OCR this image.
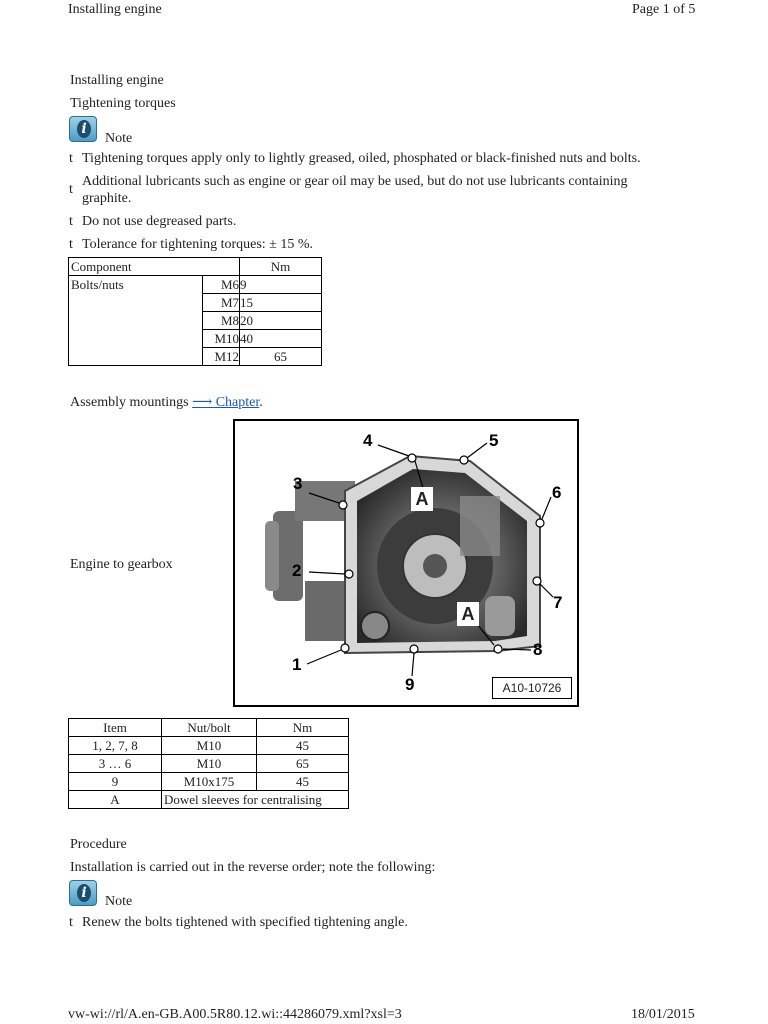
Installing engine	Page 1 of 5
Installing engine
Tightening torques
i
Note
t Tightening torques apply only to lightly greased, oiled, phosphated or black-finished nuts and bolts.
t
Additional lubricants such as engine or gear oil may be used, but do not use lubricants containing
graphite.
t Do not use degreased parts.
t Tolerance for tightening torques: ± 15 %.
Component		Nm
Bolts/nuts	M6	9
	M7	15
	M8	20
	M10	40
	M12	65
Assembly mountings ⟶ Chapter.
Engine to gearbox
1
2
3
4	5
6
7
8
9
A
A
A10-10726
Item	Nut/bolt	Nm
1, 2, 7, 8	M10	45
3 … 6	M10	65
9	M10x175	45
A	Dowel sleeves for centralising	
Procedure
Installation is carried out in the reverse order; note the following:
i
Note
t Renew the bolts tightened with specified tightening angle.
vw-wi://rl/A.en-GB.A00.5R80.12.wi::44286079.xml?xsl=3	18/01/2015
